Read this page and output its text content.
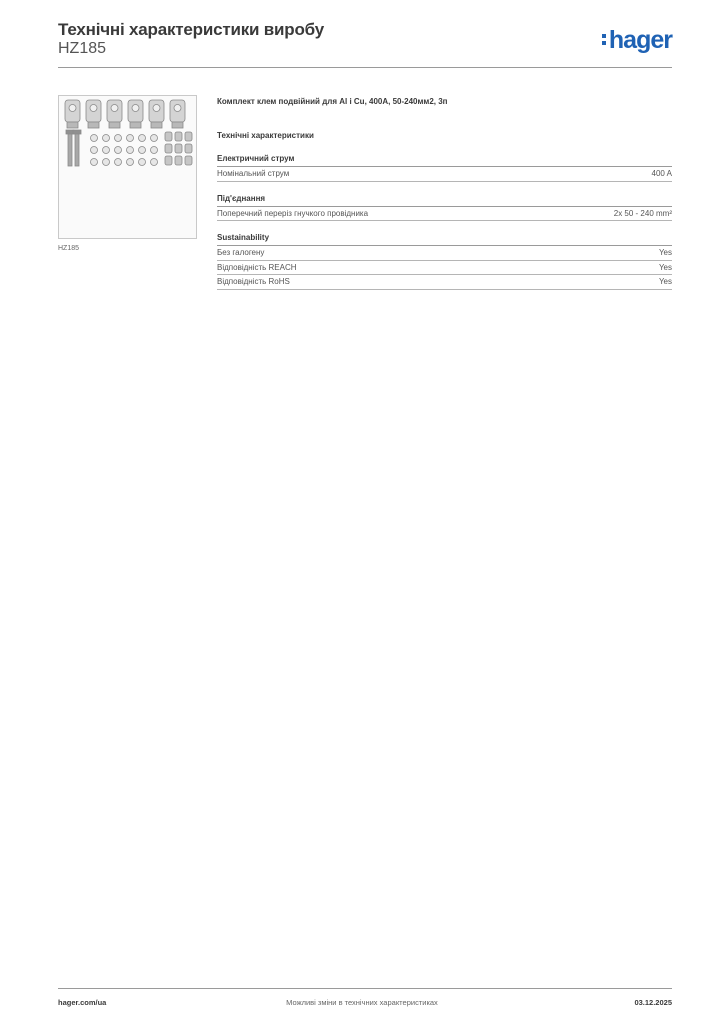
Технічні характеристики виробу
HZ185	hager
HZ185
Комплект клем подвійний для Al i Cu, 400A, 50-240мм2, 3п
Технічні характеристики
Електричний струм
Номінальний струм	400 A
Під'єднання
Поперечний переріз гнучкого провідника	2x 50 - 240 mm²
Sustainability
Без галогену	Yes
Відповідність REACH	Yes
Відповідність RoHS	Yes
hager.com/ua	Можливі зміни в технічних характеристиках	03.12.2025
